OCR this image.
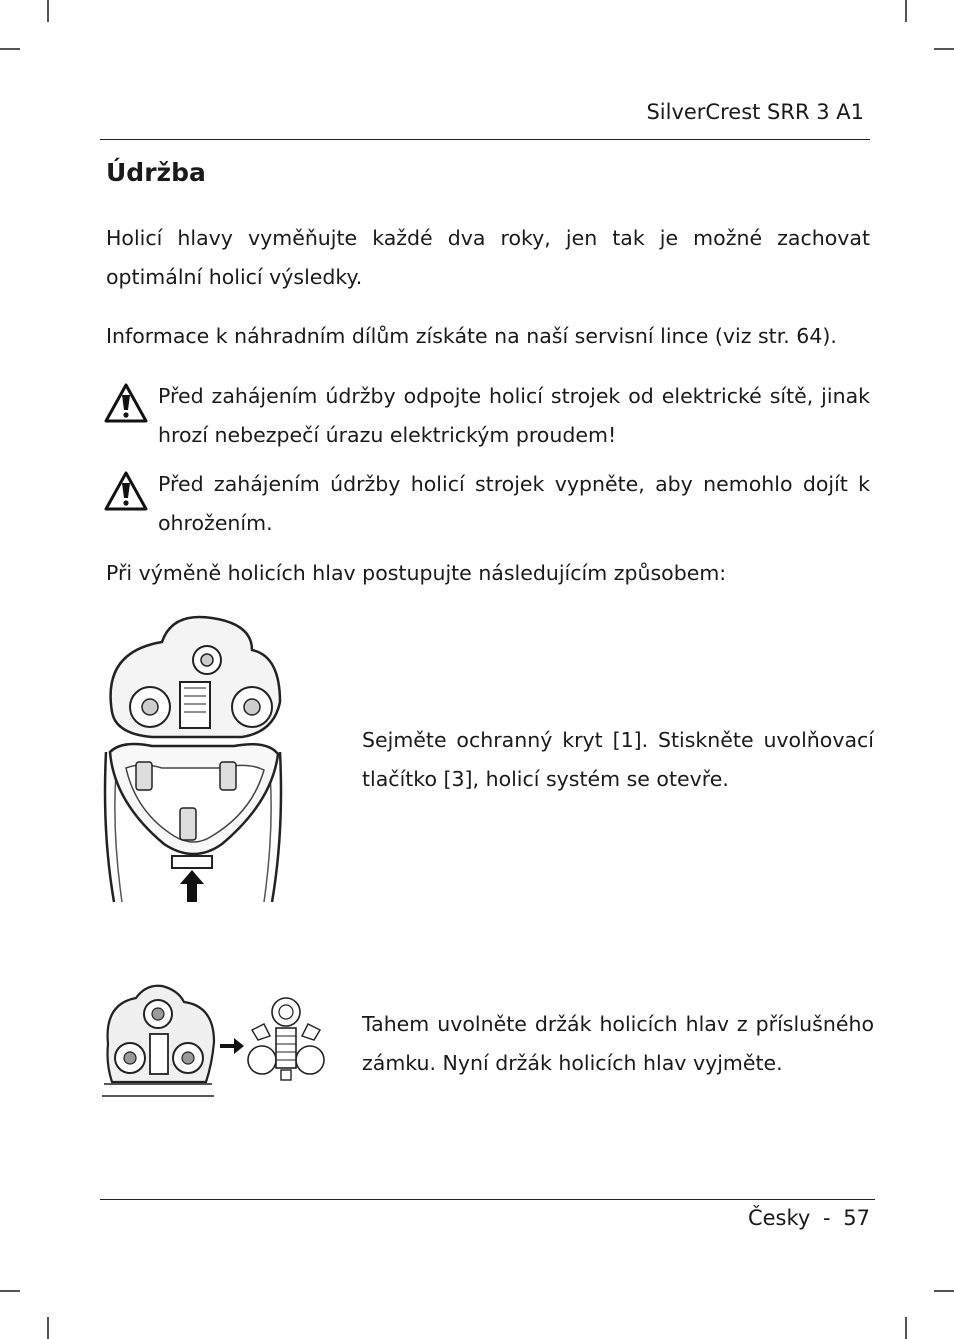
SilverCrest SRR 3 A1
Údržba

Holicí hlavy vyměňujte každé dva roky, jen tak je možné zachovat optimální holicí výsledky.

Informace k náhradním dílům získáte na naší servisní lince (viz str. 64).

Před zahájením údržby odpojte holicí strojek od elektrické sítě, jinak hrozí nebezpečí úrazu elektrickým proudem!

Před zahájením údržby holicí strojek vypněte, aby nemohlo dojít k ohrožením.

Při výměně holicích hlav postupujte následujícím způsobem:

Sejměte ochranný kryt [1]. Stiskněte uvolňovací tlačítko [3], holicí systém se otevře.

Tahem uvolněte držák holicích hlav z příslušného zámku. Nyní držák holicích hlav vyjměte.

Česky - 57
